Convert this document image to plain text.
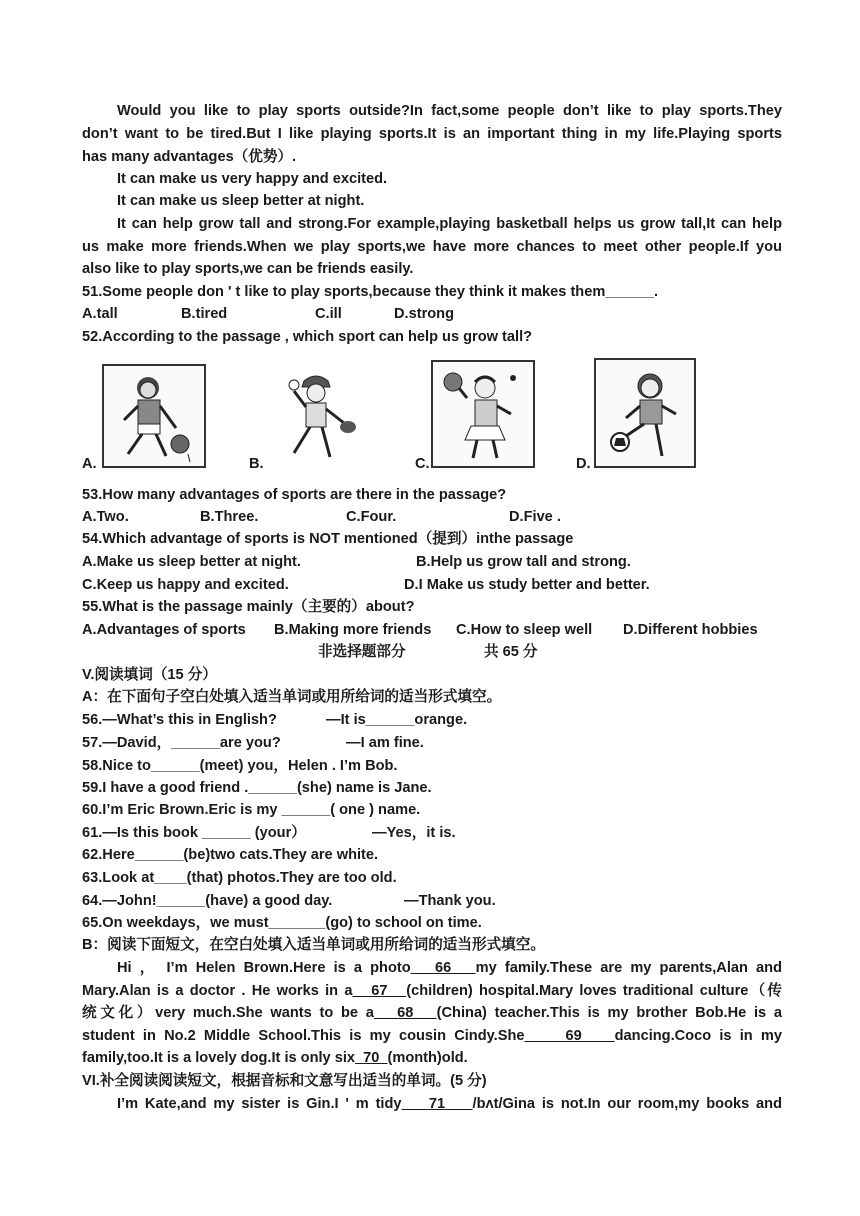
Would you like to play sports outside?In fact,some people don’t like to play sports.They
don’t want to be tired.But I like playing sports.It is an important thing in my life.Playing sports
has many advantages（优势）.
It can make us very happy and excited.
It can make us sleep better at night.
It can help grow tall and strong.For example,playing basketball helps us grow tall,It can help
us make more friends.When we play sports,we have more chances to meet other people.If you
also like to play sports,we can be friends easily.
51.Some people don ' t like to play sports,because they think it makes them______.
A.tall	B.tired	C.ill	D.strong
52.According to the passage , which sport can help us grow tall?
A.	B.	C.	D.
53.How many advantages of sports are there in the passage?
A.Two.	B.Three.	C.Four.	D.Five .
54.Which advantage of sports is NOT mentioned（提到）inthe passage
A.Make us sleep better at night.	B.Help us grow tall and strong.
C.Keep us happy and excited.	D.I Make us study better and better.
55.What is the passage mainly（主要的）about?
A.Advantages of sports B.Making more friends C.How to sleep well D.Different hobbies
非选择题部分	共 65 分
V.阅读填词（15 分）
A：在下面句子空白处填入适当单词或用所给词的适当形式填空。
56.—What’s this in English?	—It is______orange.
57.—David，______are you?	—I am fine.
58.Nice to______(meet) you，Helen . I’m Bob.
59.I have a good friend .______(she) name is Jane.
60.I’m Eric Brown.Eric is my ______( one ) name.
61.—Is this book ______ (your）	—Yes，it is.
62.Here______(be)two cats.They are white.
63.Look at____(that) photos.They are too old.
64.—John!______(have) a good day.	—Thank you.
65.On weekdays，we must_______(go) to school on time.
B：阅读下面短文，在空白处填入适当单词或用所给词的适当形式填空。
Hi ， I’m Helen Brown.Here is a photo 66 my family.These are my parents,Alan and
Mary.Alan is a doctor . He works in a 67 (children) hospital.Mary loves traditional culture（传
统文化）very much.She wants to be a 68 (China) teacher.This is my brother Bob.He is a
student in No.2 Middle School.This is my cousin Cindy.She	69 dancing.Coco is in my
family,too.It is a lovely dog.It is only six 70 (month)old.
VI.补全阅读阅读短文，根据音标和文意写出适当的单词。(5 分)
I’m Kate,and my sister is Gin.I ' m tidy 71 /bʌt/Gina is not.In our room,my books and
